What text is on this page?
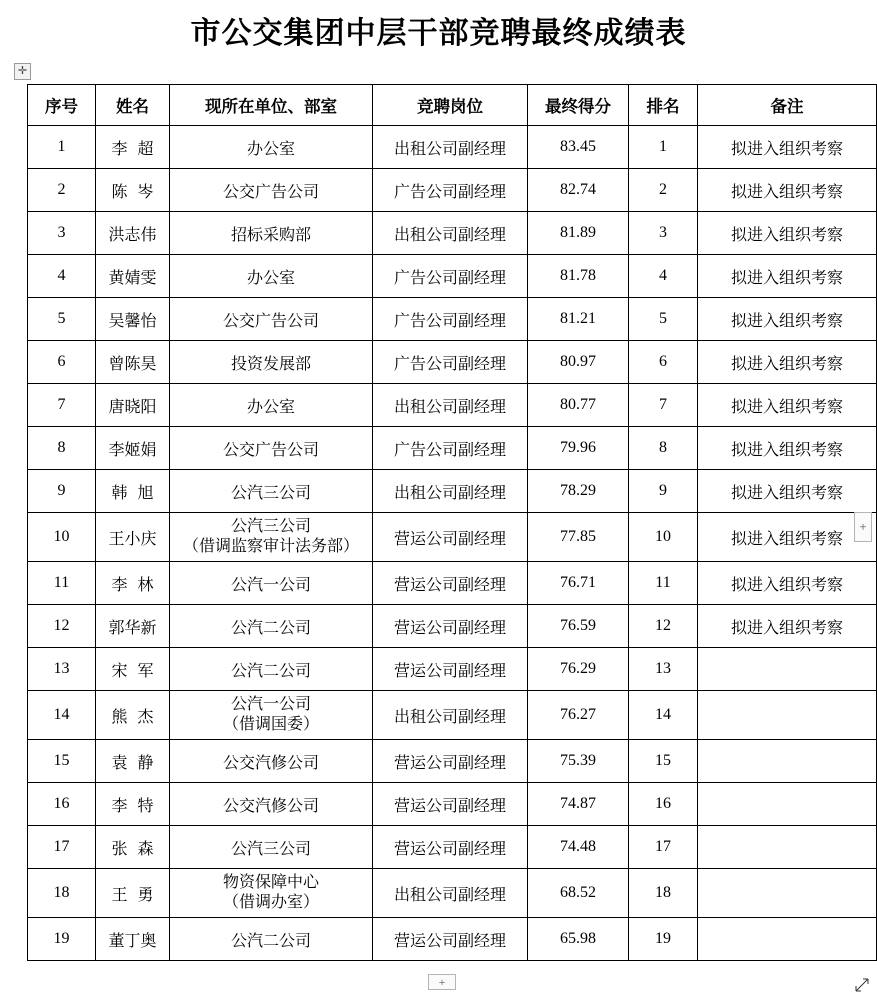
市公交集团中层干部竞聘最终成绩表
✛
序号	姓名	现所在单位、部室	竞聘岗位	最终得分	排名	备注
1	李超	办公室	出租公司副经理	83.45	1	拟进入组织考察
2	陈岑	公交广告公司	广告公司副经理	82.74	2	拟进入组织考察
3	洪志伟	招标采购部	出租公司副经理	81.89	3	拟进入组织考察
4	黄婧雯	办公室	广告公司副经理	81.78	4	拟进入组织考察
5	吴馨怡	公交广告公司	广告公司副经理	81.21	5	拟进入组织考察
6	曾陈昊	投资发展部	广告公司副经理	80.97	6	拟进入组织考察
7	唐晓阳	办公室	出租公司副经理	80.77	7	拟进入组织考察
8	李姬娟	公交广告公司	广告公司副经理	79.96	8	拟进入组织考察
9	韩旭	公汽三公司	出租公司副经理	78.29	9	拟进入组织考察
10	王小庆	公汽三公司
（借调监察审计法务部）	营运公司副经理	77.85	10	拟进入组织考察
11	李林	公汽一公司	营运公司副经理	76.71	11	拟进入组织考察
12	郭华新	公汽二公司	营运公司副经理	76.59	12	拟进入组织考察
13	宋军	公汽二公司	营运公司副经理	76.29	13	
14	熊杰	公汽一公司
（借调国委）	出租公司副经理	76.27	14	
15	袁静	公交汽修公司	营运公司副经理	75.39	15	
16	李特	公交汽修公司	营运公司副经理	74.87	16	
17	张森	公汽三公司	营运公司副经理	74.48	17	
18	王勇	物资保障中心
（借调办室）	出租公司副经理	68.52	18	
19	董丁奥	公汽二公司	营运公司副经理	65.98	19	
+
+
